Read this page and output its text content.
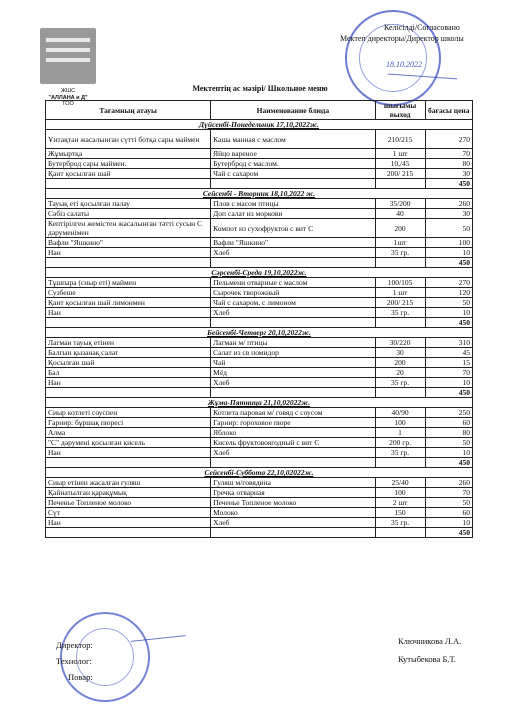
ЖШС
"АЛЛАНА и Д"
ТОО
Келісілді/Согласовано
Мектеп директоры/Директор школы
18.10.2022
Мектептің ас мәзірі/ Школьное меню
Тағамның атауы	Наименование блюда	шығымы выход	бағасы цена
Дүйсенбі-Понедельник 17,10,2022ж.			
Ұнтақтан жасалынған сүтті ботқа сары маймен	Каша манная с маслом	210/215	270
Жұмыртқа	Яйцо вареное	1 шт	70
Бутерброд сары маймен.	Бутерброд с маслом.	10,/45	80
Қант қосылған шай	Чай с сахаром	200/ 215	30
			450
Сейсенбі - Вторник 18,10,2022 ж.			
Тауық еті қосылған палау	Плов с масом птицы	35/200	260
Сәбіз салаты	Доп салат из моркови	40	30
Кептірілген жемістен жасалынған тәтті сусын С дәруменімен	Компот из сухофруктов с вит С	200	50
Вафли "Яшкино"	Вафли "Яшкино"	1шт	100
Нан	Хлеб	35 гр.	10
			450
Сәрсенбі-Среда 19,10,2022ж.			
Тұшпара (сиыр еті) маймен	Пельмени отварные с маслом	100/105	270
Сузбеше	Сырочек творожный	1 шт	120
Қант қосылған шай лимонмен	Чай с сахаром, с лимоном	200/ 215	50
Нан	Хлеб	35 гр.	10
			450
Бейсенбі-Четверг 20,10,2022ж.			
Лагман тауық етінен	Лагман м/ птицы	30/220	310
Балғын қызанақ салат	Салат из св помидор	30	45
Қосылған шай	Чай	200	15
Бал	Мёд	20	70
Нан	Хлеб	35 гр.	10
			450
Жұма-Пятница 21,10,02022ж.			
Сиыр котлеті соуспен	Котлета паровая м/ говяд с соусом	40/90	250
Гарнир: бұршақ пюресі	Гарнир: гороховое пюре	100	60
Алма	Яблоко	1	80
"С" дәрумені қосылған кисель	Кисель фруктовоягодный с вит С	200 гр.	50
Нан	Хлеб	35 гр.	10
			450
Сейсенбі-Суббота 22,10,02022ж.			
Сиыр етінен жасалған гуляш	Гуляш м/говядина	25/40	260
Қайнатылған қарақұмық	Гречка отварная	100	70
Печенье Топленое молоко	Печенье Топленое молоко	2 шт	50
Сүт	Молоко	150	60
Нан	Хлеб	35 гр.	10
			450
Директор:
Технолог:
Повар:
Ключникова Л.А.
Кутыбекова Б.Т.
